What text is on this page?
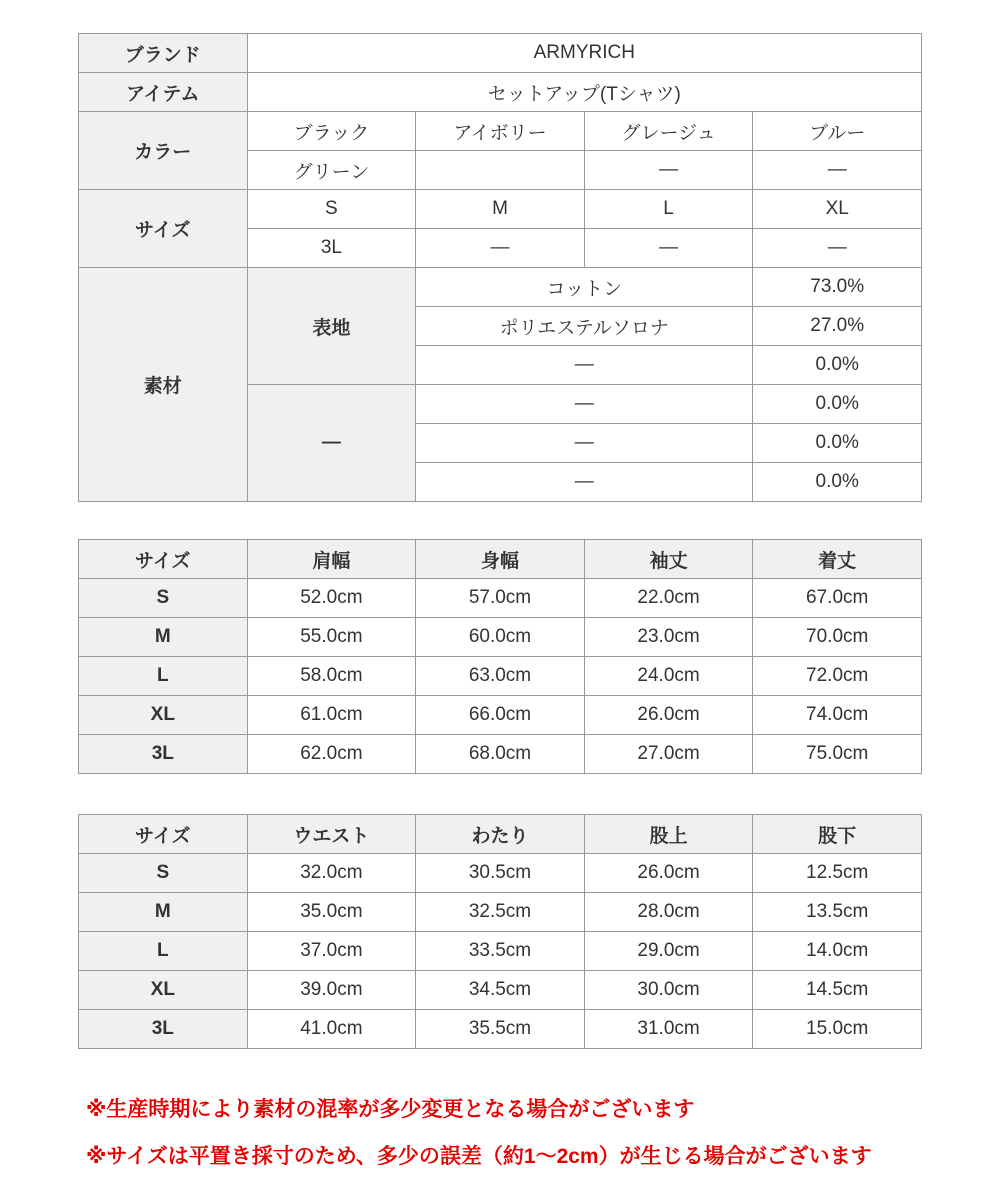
ブランド	ARMYRICH			
アイテム	セットアップ(Tシャツ)			
カラー	ブラック	アイボリー	グレージュ	ブルー
	グリーン		—	—
サイズ	S	M	L	XL
	3L	—	—	—
素材	表地	コットン		73.0%
		ポリエステルソロナ		27.0%
		—		0.0%
	—	—		0.0%
		—		0.0%
		—		0.0%
サイズ	肩幅	身幅	袖丈	着丈
S	52.0cm	57.0cm	22.0cm	67.0cm
M	55.0cm	60.0cm	23.0cm	70.0cm
L	58.0cm	63.0cm	24.0cm	72.0cm
XL	61.0cm	66.0cm	26.0cm	74.0cm
3L	62.0cm	68.0cm	27.0cm	75.0cm
サイズ	ウエスト	わたり	股上	股下
S	32.0cm	30.5cm	26.0cm	12.5cm
M	35.0cm	32.5cm	28.0cm	13.5cm
L	37.0cm	33.5cm	29.0cm	14.0cm
XL	39.0cm	34.5cm	30.0cm	14.5cm
3L	41.0cm	35.5cm	31.0cm	15.0cm

※生産時期により素材の混率が多少変更となる場合がございます

※サイズは平置き採寸のため、多少の誤差（約1～2cm）が生じる場合がございます
